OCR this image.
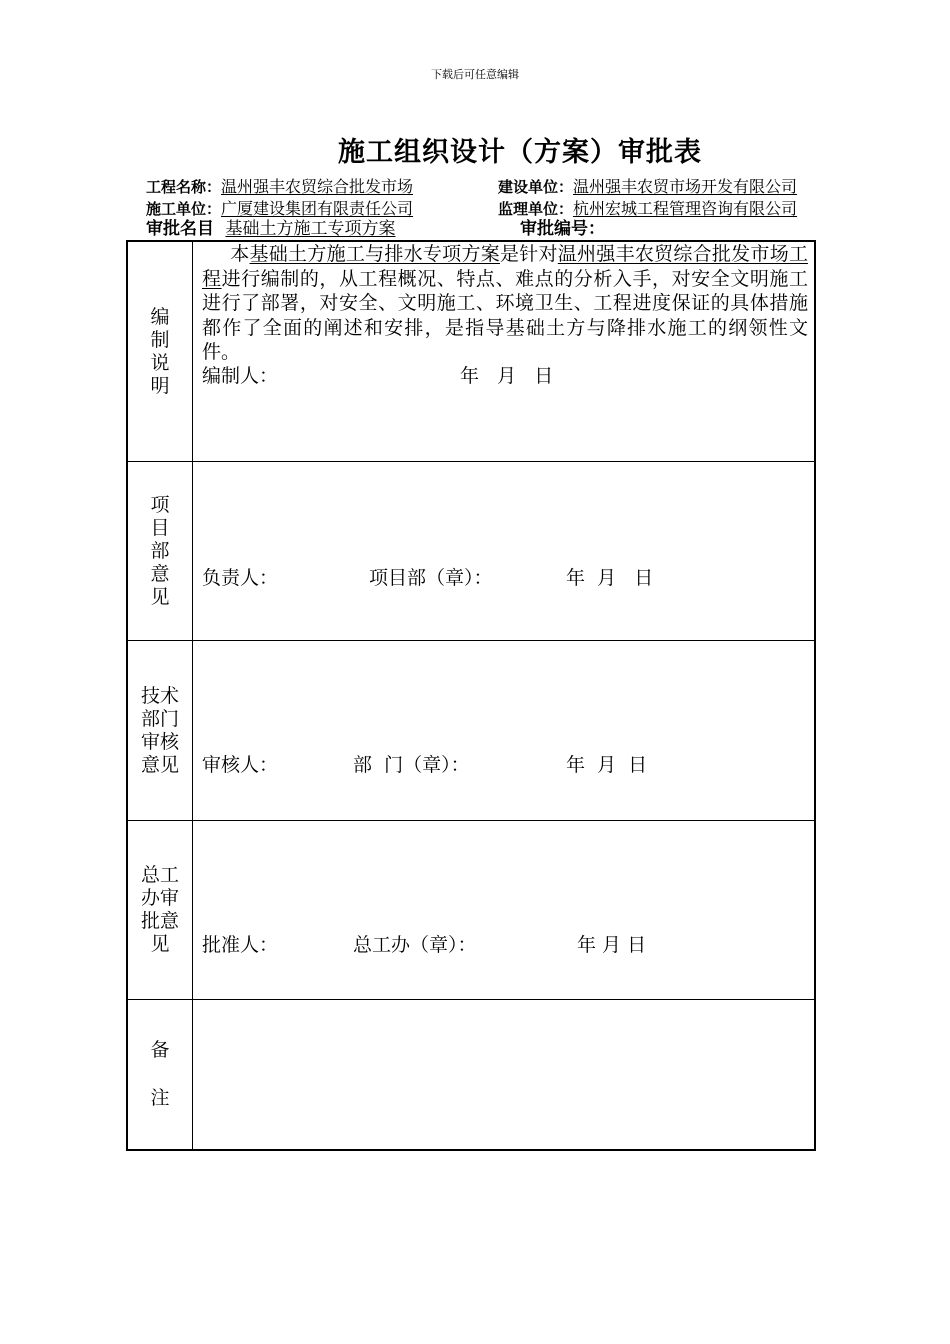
下载后可任意编辑
施工组织设计（方案）审批表
工程名称：温州强丰农贸综合批发市场	建设单位：温州强丰农贸市场开发有限公司
施工单位：广厦建设集团有限责任公司	监理单位：杭州宏城工程管理咨询有限公司
审批名目 基础土方施工专项方案	审批编号：
编
制
说
明
本基础土方施工与排水专项方案是针对温州强丰农贸综合批发市场工程进行编制的，从工程概况、特点、难点的分析入手，对安全文明施工进行了部署，对安全、文明施工、环境卫生、工程进度保证的具体措施都作了全面的阐述和安排，是指导基础土方与降排水施工的纲领性文件。
编制人：	年   月   日
项
目
部
意
见
负责人：	项目部（章）：	年  月   日
技术
部门
审核
意见 审核人：	部  门（章）：	年  月  日
总工
办审
批意
见 批准人：	总工办（章）：	年 月 日
备
注
